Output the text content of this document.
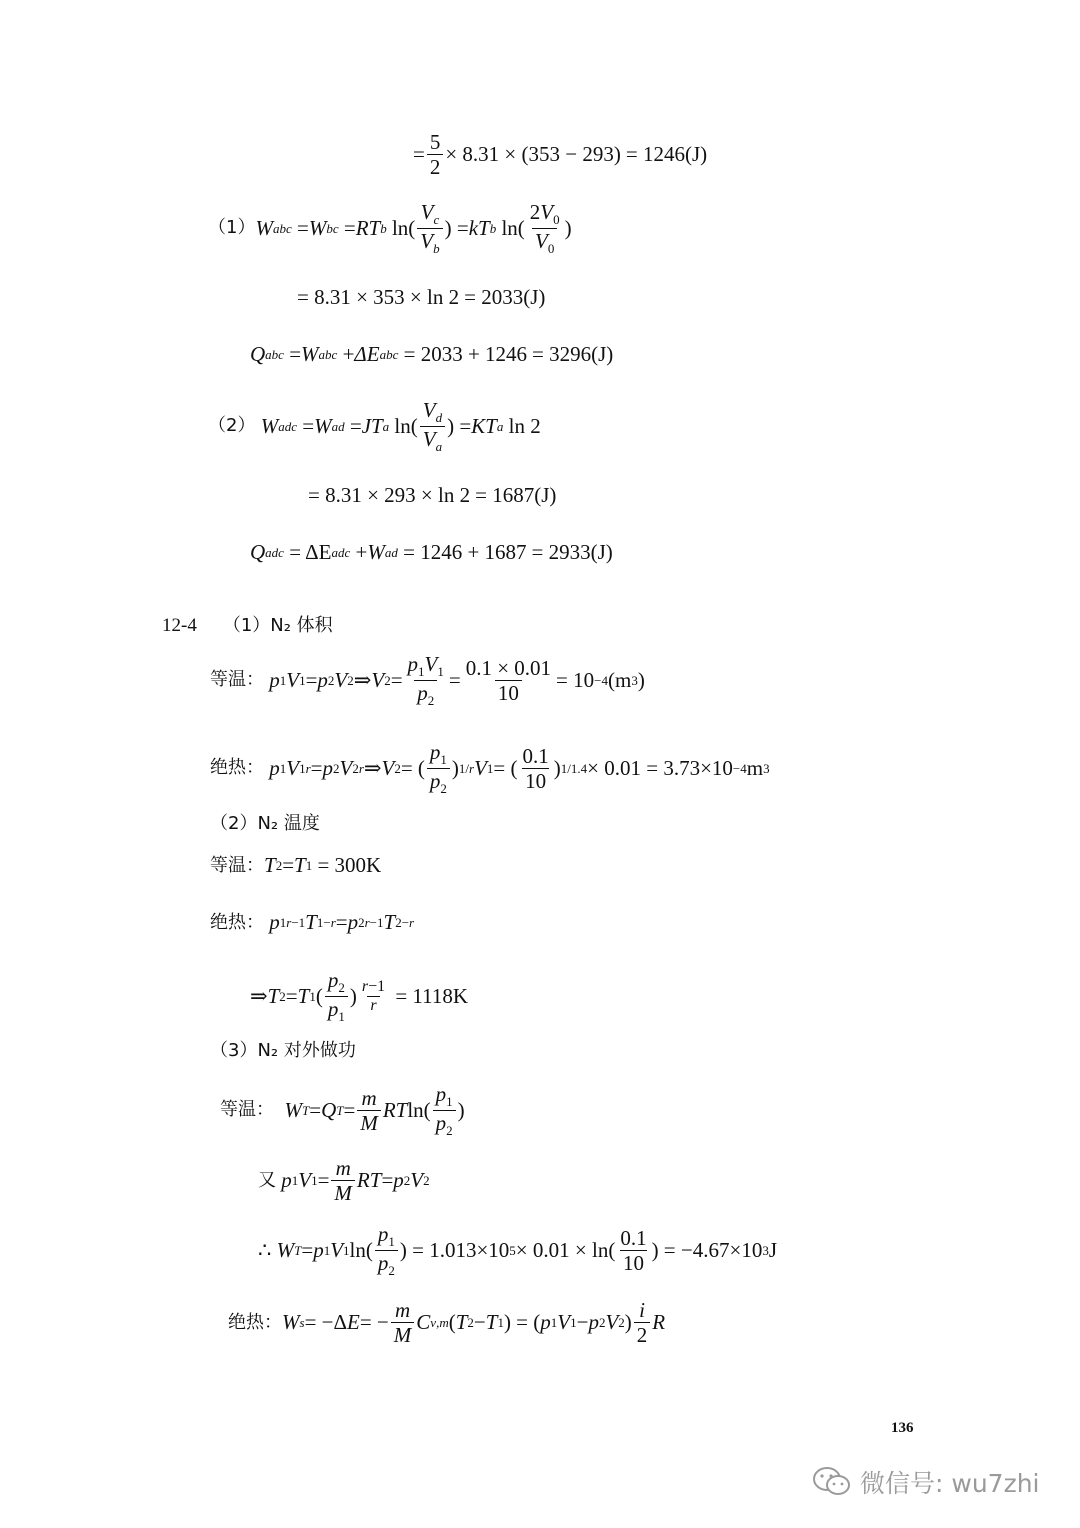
= $\frac{5}{2} \times 8.31 \times (353 - 293) = 1246(J)$
（1） W abc = W bc = RT b $\ln( \frac{V_c}{V_b}$ ) = kT b $\ln( \frac{2V_0}{V_0}$ )
= 8.31 × 353 × ln 2 = 2033(J)
Q abc = W abc + ΔE abc = 2033 + 1246 = 3296(J)
（2）
W adc = W ad = JT a $\ln( \frac{V_d}{V_a}$ ) = KT a ln 2
= 8.31 × 293 × ln 2 = 1687(J)
Q adc = ΔE adc + W ad = 1246 + 1687 = 2933(J)
12-4 （1）N₂ 体积
等温：
p 1 V 1 = p 2 V 2 ⇒ V $2 = \frac{p_1V_1}{p_2} = \frac{0.1 \times 0.01}{10} = 10 -4$ (m 3 )
绝热：
p 1 V 1 r = p 2 V 2 r ⇒ V 2 = ( $\frac{p_1}{p_2}$ ) 1/r V 1 = ( $\frac{0.1}{10}$ ) 1/1.4 × 0.01 = 3.73×10 −4 m 3
（2）N₂ 温度
等温： T 2 = T 1
= 300K
绝热：
p 1 r−1 T 1 −r = p 2 r−1 T 2 −r
⇒ T 2 = T 1 ( $\frac{p_2}{p_1}$ ) $\frac{r-1}{r}$
= 1118K
（3）N₂ 对外做功
等温：
W T = Q $T = \frac{m}{M}$ RT $\ln( \frac{p_1}{p_2}$ )
又
p 1 V $1 = \frac{m}{M}$ RT = p 2 V 2
∴
W T = p 1 V 1 $\ln( \frac{p_1}{p_2}$ ) = 1.013×10 $5 \times 0.01 \times \ln( \frac{0.1}{10}$ ) = −4.67×10 3 J
绝热： W s = −Δ E = − $\frac{m}{M}$ C v,m ( T 2 − T 1 ) = ( p 1 V 1 − p 2 V 2 ) $\frac{i}{2}$ R
136
微信号: wu7zhi
